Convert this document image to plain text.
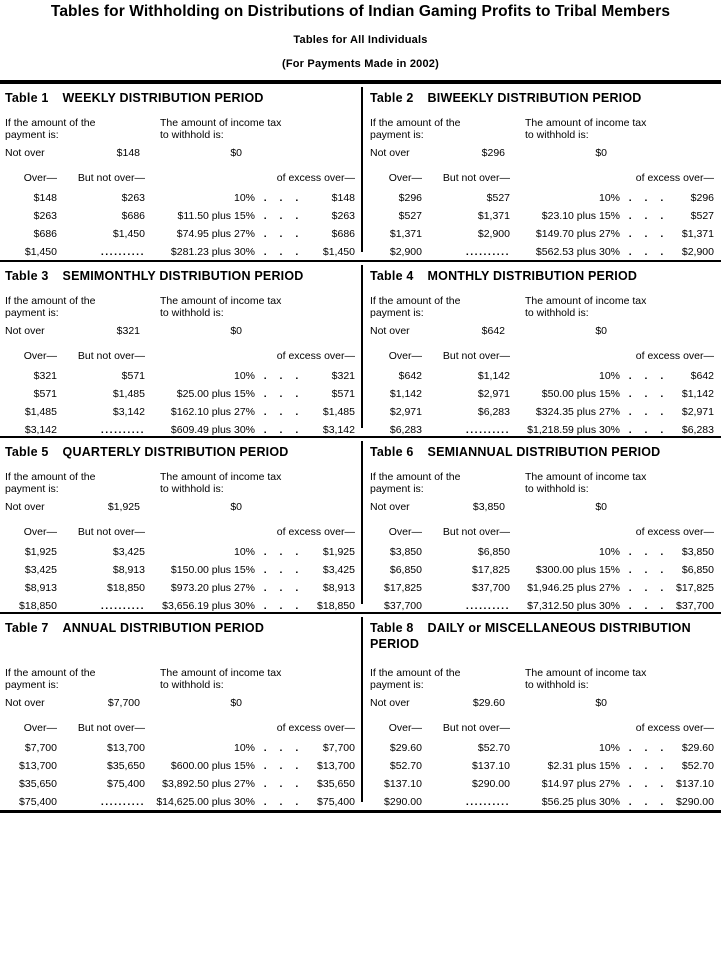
Tables for Withholding on Distributions of Indian Gaming Profits to Tribal Members
Tables for All Individuals
(For Payments Made in 2002)
Table 1 WEEKLY DISTRIBUTION PERIOD
If the amount of the
payment is:
The amount of income tax
to withhold is:
Not over	$148	$0
Over—	But not over—	of excess over—
$148	$263	10% . . .	$148
$263	$686	$11.50 plus 15% . . .	$263
$686	$1,450	$74.95 plus 27% . . .	$686
$1,450	..........	$281.23 plus 30% . . .	$1,450
Table 2 BIWEEKLY DISTRIBUTION PERIOD
If the amount of the
payment is:
The amount of income tax
to withhold is:
Not over	$296	$0
Over—	But not over—	of excess over—
$296	$527	10% . . .	$296
$527	$1,371	$23.10 plus 15% . . .	$527
$1,371	$2,900	$149.70 plus 27% . . .	$1,371
$2,900	..........	$562.53 plus 30% . . .	$2,900
Table 3 SEMIMONTHLY DISTRIBUTION PERIOD
If the amount of the
payment is:
The amount of income tax
to withhold is:
Not over	$321	$0
Over—	But not over—	of excess over—
$321	$571	10% . . .	$321
$571	$1,485	$25.00 plus 15% . . .	$571
$1,485	$3,142	$162.10 plus 27% . . .	$1,485
$3,142	..........	$609.49 plus 30% . . .	$3,142
Table 4 MONTHLY DISTRIBUTION PERIOD
If the amount of the
payment is:
The amount of income tax
to withhold is:
Not over	$642	$0
Over—	But not over—	of excess over—
$642	$1,142	10% . . .	$642
$1,142	$2,971	$50.00 plus 15% . . .	$1,142
$2,971	$6,283	$324.35 plus 27% . . .	$2,971
$6,283	..........	$1,218.59 plus 30% . . .	$6,283
Table 5 QUARTERLY DISTRIBUTION PERIOD
If the amount of the
payment is:
The amount of income tax
to withhold is:
Not over	$1,925	$0
Over—	But not over—	of excess over—
$1,925	$3,425	10% . . .	$1,925
$3,425	$8,913	$150.00 plus 15% . . .	$3,425
$8,913	$18,850	$973.20 plus 27% . . .	$8,913
$18,850	..........	$3,656.19 plus 30% . . .	$18,850
Table 6 SEMIANNUAL DISTRIBUTION PERIOD
If the amount of the
payment is:
The amount of income tax
to withhold is:
Not over	$3,850	$0
Over—	But not over—	of excess over—
$3,850	$6,850	10% . . .	$3,850
$6,850	$17,825	$300.00 plus 15% . . .	$6,850
$17,825	$37,700	$1,946.25 plus 27% . . .	$17,825
$37,700	..........	$7,312.50 plus 30% . . .	$37,700
Table 7 ANNUAL DISTRIBUTION PERIOD
If the amount of the
payment is:
The amount of income tax
to withhold is:
Not over	$7,700	$0
Over—	But not over—	of excess over—
$7,700	$13,700	10% . . .	$7,700
$13,700	$35,650	$600.00 plus 15% . . .	$13,700
$35,650	$75,400	$3,892.50 plus 27% . . .	$35,650
$75,400	..........	$14,625.00 plus 30% . . .	$75,400
Table 8 DAILY or MISCELLANEOUS DISTRIBUTION PERIOD
If the amount of the
payment is:
The amount of income tax
to withhold is:
Not over	$29.60	$0
Over—	But not over—	of excess over—
$29.60	$52.70	10% . . .	$29.60
$52.70	$137.10	$2.31 plus 15% . . .	$52.70
$137.10	$290.00	$14.97 plus 27% . . .	$137.10
$290.00	..........	$56.25 plus 30% . . .	$290.00
